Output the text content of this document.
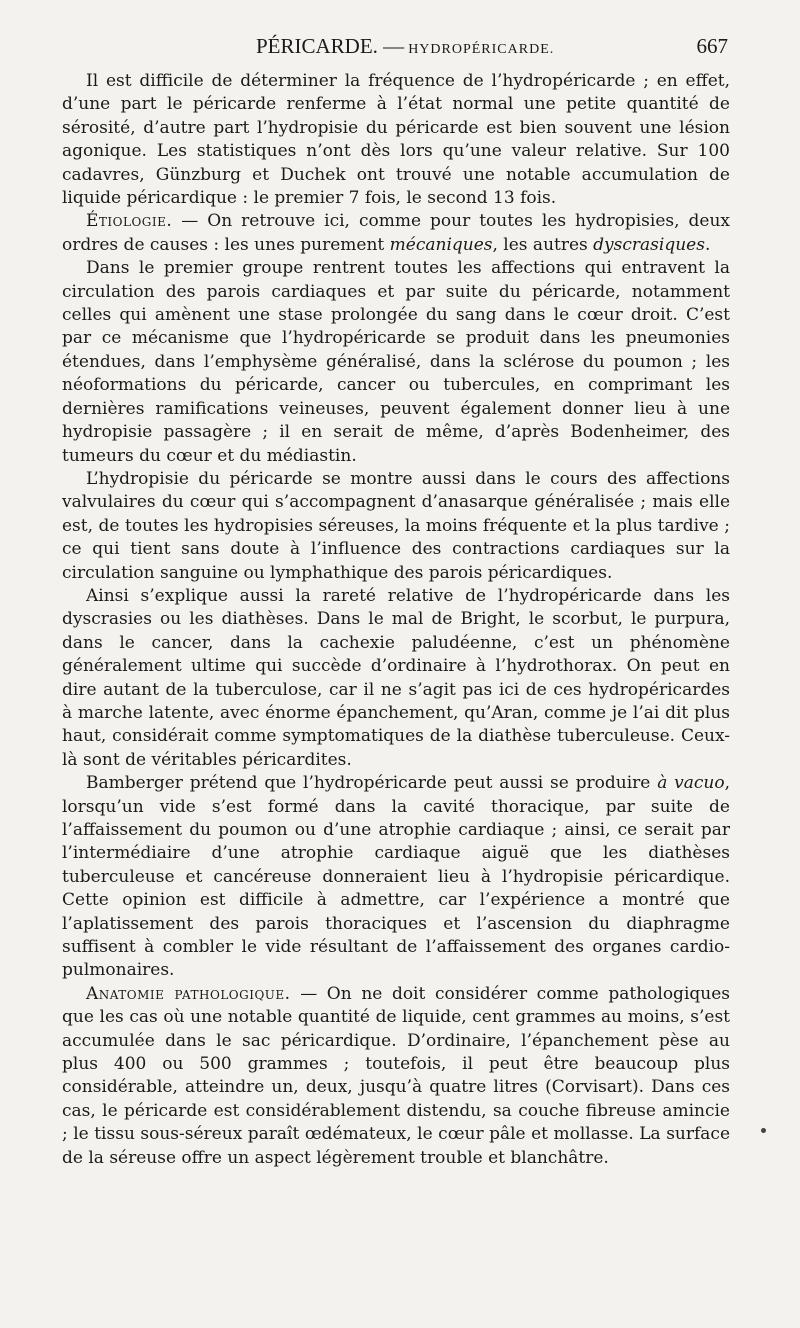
PÉRICARDE. — HYDROPÉRICARDE.	667

Il est difficile de déterminer la fréquence de l’hydropéricarde ; en effet, d’une part le péricarde renferme à l’état normal une petite quantité de sérosité, d’autre part l’hydropisie du péricarde est bien souvent une lésion agonique. Les statistiques n’ont dès lors qu’une valeur relative. Sur 100 cadavres, Günzburg et Duchek ont trouvé une notable accumulation de liquide péricardique : le premier 7 fois, le second 13 fois.

Étiologie. — On retrouve ici, comme pour toutes les hydropisies, deux ordres de causes : les unes purement mécaniques, les autres dyscrasiques.

Dans le premier groupe rentrent toutes les affections qui entravent la circulation des parois cardiaques et par suite du péricarde, notamment celles qui amènent une stase prolongée du sang dans le cœur droit. C’est par ce mécanisme que l’hydropéricarde se produit dans les pneumonies étendues, dans l’emphysème généralisé, dans la sclérose du poumon ; les néoformations du péricarde, cancer ou tubercules, en comprimant les dernières ramifications veineuses, peuvent également donner lieu à une hydropisie passagère ; il en serait de même, d’après Bodenheimer, des tumeurs du cœur et du médiastin.

L’hydropisie du péricarde se montre aussi dans le cours des affections valvulaires du cœur qui s’accompagnent d’anasarque généralisée ; mais elle est, de toutes les hydropisies séreuses, la moins fréquente et la plus tardive ; ce qui tient sans doute à l’influence des contractions cardiaques sur la circulation sanguine ou lymphathique des parois péricardiques.

Ainsi s’explique aussi la rareté relative de l’hydropéricarde dans les dyscrasies ou les diathèses. Dans le mal de Bright, le scorbut, le purpura, dans le cancer, dans la cachexie paludéenne, c’est un phénomène généralement ultime qui succède d’ordinaire à l’hydrothorax. On peut en dire autant de la tuberculose, car il ne s’agit pas ici de ces hydropéricardes à marche latente, avec énorme épanchement, qu’Aran, comme je l’ai dit plus haut, considérait comme symptomatiques de la diathèse tuberculeuse. Ceux-là sont de véritables péricardites.

Bamberger prétend que l’hydropéricarde peut aussi se produire à vacuo, lorsqu’un vide s’est formé dans la cavité thoracique, par suite de l’affaissement du poumon ou d’une atrophie cardiaque ; ainsi, ce serait par l’intermédiaire d’une atrophie cardiaque aiguë que les diathèses tuberculeuse et cancéreuse donneraient lieu à l’hydropisie péricardique. Cette opinion est difficile à admettre, car l’expérience a montré que l’aplatissement des parois thoraciques et l’ascension du diaphragme suffisent à combler le vide résultant de l’affaissement des organes cardio-pulmonaires.

Anatomie pathologique. — On ne doit considérer comme pathologiques que les cas où une notable quantité de liquide, cent grammes au moins, s’est accumulée dans le sac péricardique. D’ordinaire, l’épanchement pèse au plus 400 ou 500 grammes ; toutefois, il peut être beaucoup plus considérable, atteindre un, deux, jusqu’à quatre litres (Corvisart). Dans ces cas, le péricarde est considérablement distendu, sa couche fibreuse amincie ; le tissu sous-séreux paraît œdémateux, le cœur pâle et mollasse. La surface de la séreuse offre un aspect légèrement trouble et blanchâtre.
